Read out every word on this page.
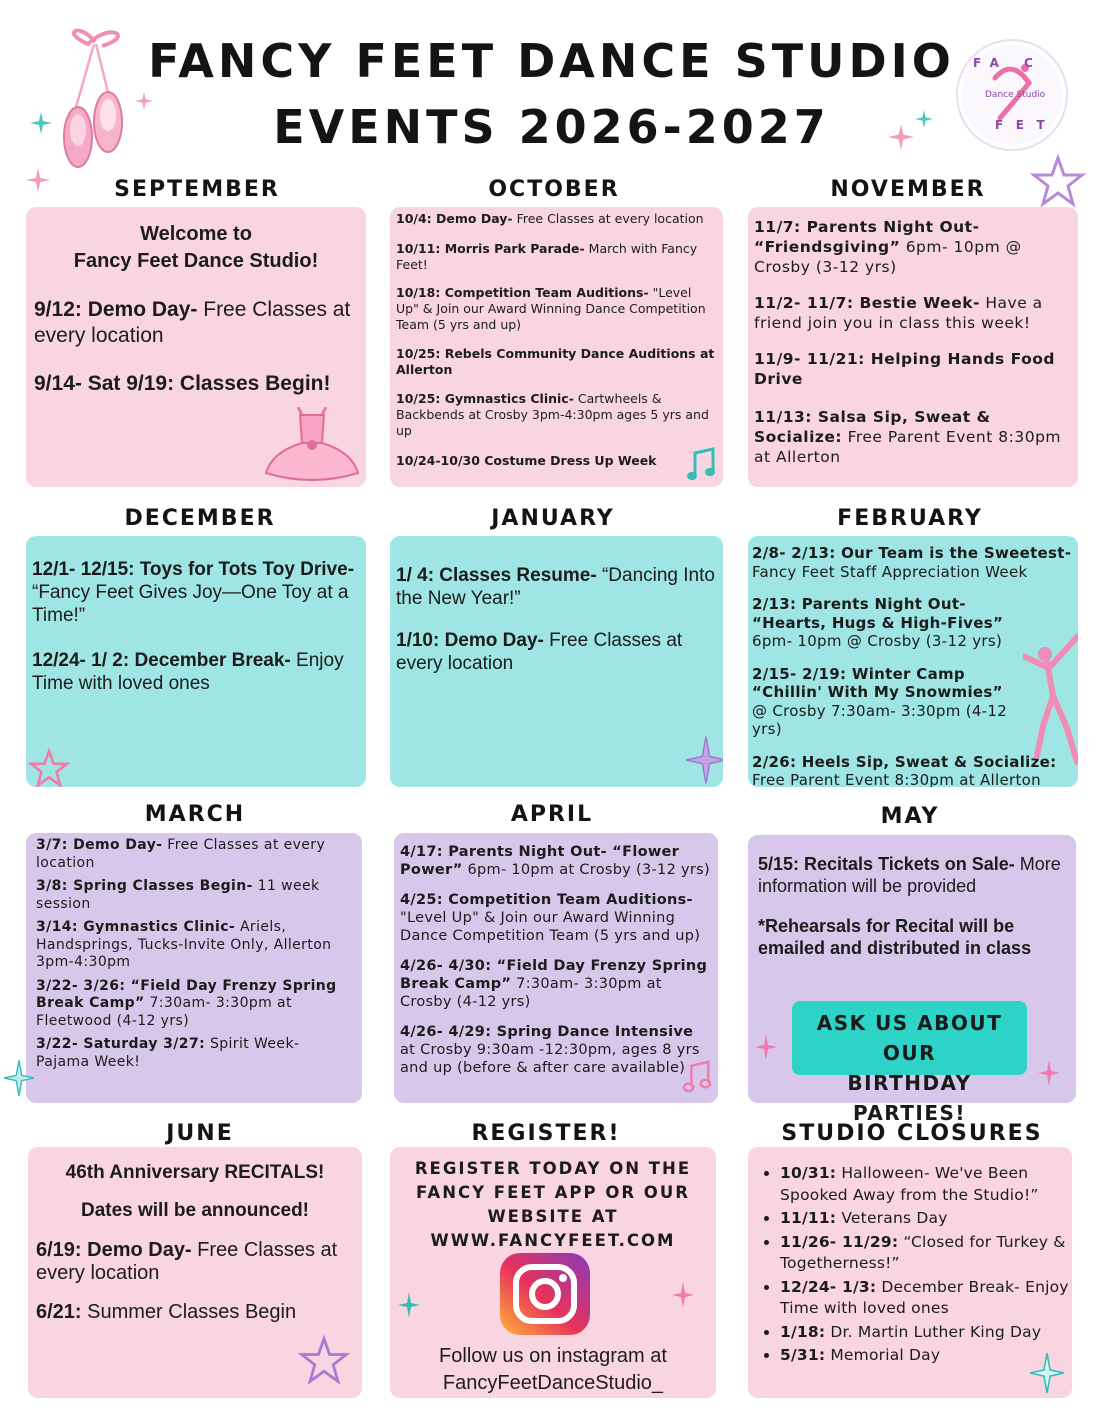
FANCY FEET DANCE STUDIO
EVENTS 2026-2027
F A C
Dance Studio
F E T
SEPTEMBER	OCTOBER	NOVEMBER
DECEMBER	JANUARY	FEBRUARY
MARCH	APRIL	MAY
JUNE	REGISTER!	STUDIO CLOSURES
Welcome to
Fancy Feet Dance Studio!

9/12: Demo Day- Free Classes at every location

9/14- Sat 9/19: Classes Begin!

10/4: Demo Day- Free Classes at every location

10/11: Morris Park Parade- March with Fancy Feet!

10/18: Competition Team Auditions- "Level Up" & Join our Award Winning Dance Competition Team (5 yrs and up)

10/25: Rebels Community Dance Auditions at Allerton

10/25: Gymnastics Clinic- Cartwheels & Backbends at Crosby 3pm-4:30pm ages 5 yrs and up

10/24-10/30 Costume Dress Up Week

11/7: Parents Night Out- “Friendsgiving” 6pm- 10pm @ Crosby (3-12 yrs)

11/2- 11/7: Bestie Week- Have a friend join you in class this week!

11/9- 11/21: Helping Hands Food Drive

11/13: Salsa Sip, Sweat & Socialize: Free Parent Event 8:30pm at Allerton

12/1- 12/15: Toys for Tots Toy Drive- “Fancy Feet Gives Joy—One Toy at a Time!”

12/24- 1/ 2: December Break- Enjoy Time with loved ones

1/ 4: Classes Resume- “Dancing Into the New Year!”

1/10: Demo Day- Free Classes at every location

2/8- 2/13: Our Team is the Sweetest- Fancy Feet Staff Appreciation Week

2/13: Parents Night Out- “Hearts, Hugs & High-Fives” 6pm- 10pm @ Crosby (3-12 yrs)

2/15- 2/19: Winter Camp “Chillin' With My Snowmies” @ Crosby 7:30am- 3:30pm (4-12 yrs)

2/26: Heels Sip, Sweat & Socialize: Free Parent Event 8:30pm at Allerton

3/7: Demo Day- Free Classes at every location

3/8: Spring Classes Begin- 11 week session

3/14: Gymnastics Clinic- Ariels, Handsprings, Tucks-Invite Only, Allerton 3pm-4:30pm

3/22- 3/26: “Field Day Frenzy Spring Break Camp” 7:30am- 3:30pm at Fleetwood (4-12 yrs)

3/22- Saturday 3/27: Spirit Week- Pajama Week!

4/17: Parents Night Out- “Flower Power” 6pm- 10pm at Crosby (3-12 yrs)

4/25: Competition Team Auditions- "Level Up" & Join our Award Winning Dance Competition Team (5 yrs and up)

4/26- 4/30: “Field Day Frenzy Spring Break Camp” 7:30am- 3:30pm at Crosby (4-12 yrs)

4/26- 4/29: Spring Dance Intensive at Crosby 9:30am -12:30pm, ages 8 yrs and up (before & after care available)

5/15: Recitals Tickets on Sale- More information will be provided

*Rehearsals for Recital will be emailed and distributed in class

ASK US ABOUT OUR
BIRTHDAY PARTIES!
46th Anniversary RECITALS!
Dates will be announced!

6/19: Demo Day- Free Classes at every location

6/21: Summer Classes Begin

REGISTER TODAY ON THE
FANCY FEET APP OR OUR
WEBSITE AT
WWW.FANCYFEET.COM
Follow us on instagram at
FancyFeetDanceStudio_
• 10/31: Halloween- We've Been Spooked Away from the Studio!”
• 11/11: Veterans Day
• 11/26- 11/29: “Closed for Turkey & Togetherness!”
• 12/24- 1/3: December Break- Enjoy Time with loved ones
• 1/18: Dr. Martin Luther King Day
• 5/31: Memorial Day
